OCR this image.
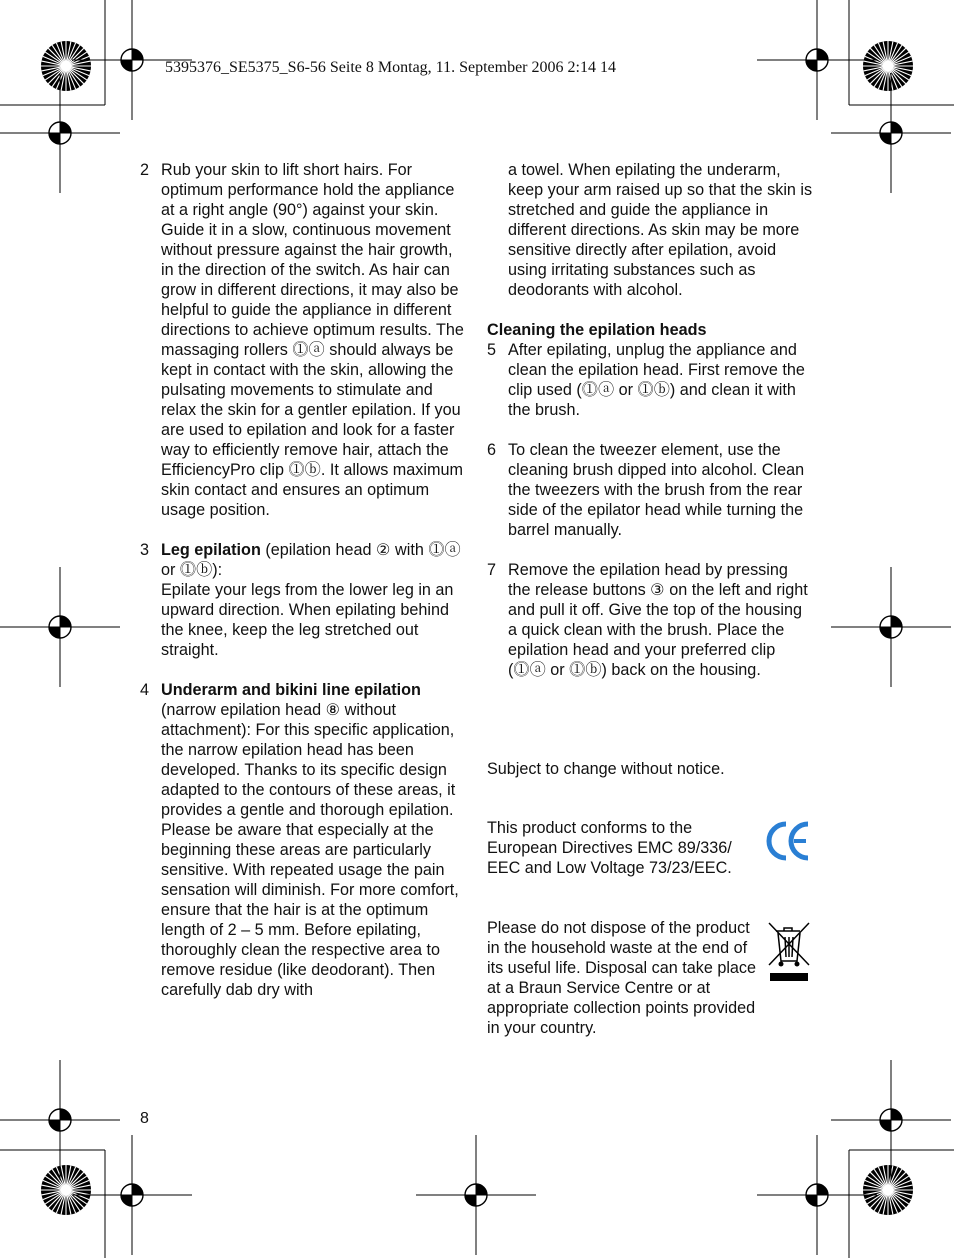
5395376_SE5375_S6-56 Seite 8 Montag, 11. September 2006 2:14 14
2 Rub your skin to lift short hairs. For optimum performance hold the appliance at a right angle (90°) against your skin. Guide it in a slow, continuous movement without pressure against the hair growth, in the direction of the switch. As hair can grow in different directions, it may also be helpful to guide the appliance in different directions to achieve optimum results. The massaging rollers ⓵ⓐ should always be kept in contact with the skin, allowing the pulsating movements to stimulate and relax the skin for a gentler epilation. If you are used to epilation and look for a faster way to efficiently remove hair, attach the EfficiencyPro clip ⓵ⓑ. It allows maximum skin contact and ensures an optimum usage position.

3 Leg epilation (epilation head ② with ⓵ⓐ or ⓵ⓑ):

Epilate your legs from the lower leg in an upward direction. When epilating behind the knee, keep the leg stretched out straight.

4 Underarm and bikini line epilation

(narrow epilation head ⑧ without attachment): For this specific application, the narrow epilation head has been developed. Thanks to its specific design adapted to the contours of these areas, it provides a gentle and thorough epilation. Please be aware that especially at the beginning these areas are particularly sensitive. With repeated usage the pain sensation will diminish. For more comfort, ensure that the hair is at the optimum length of 2 – 5 mm. Before epilating, thoroughly clean the respective area to remove residue (like deodorant). Then carefully dab dry with

a towel. When epilating the underarm, keep your arm raised up so that the skin is stretched and guide the appliance in different directions. As skin may be more sensitive directly after epilation, avoid using irritating substances such as deodorants with alcohol.

Cleaning the epilation heads

5 After epilating, unplug the appliance and clean the epilation head. First remove the clip used (⓵ⓐ or ⓵ⓑ) and clean it with the brush.

6 To clean the tweezer element, use the cleaning brush dipped into alcohol. Clean the tweezers with the brush from the rear side of the epilator head while turning the barrel manually.

7 Remove the epilation head by pressing the release buttons ③ on the left and right and pull it off. Give the top of the housing a quick clean with the brush. Place the epilation head and your preferred clip (⓵ⓐ or ⓵ⓑ) back on the housing.

Subject to change without notice.
This product conforms to the European Directives EMC 89/336/ EEC and Low Voltage 73/23/EEC.
Please do not dispose of the product in the household waste at the end of its useful life. Disposal can take place at a Braun Service Centre or at appropriate collection points provided in your country.
8
